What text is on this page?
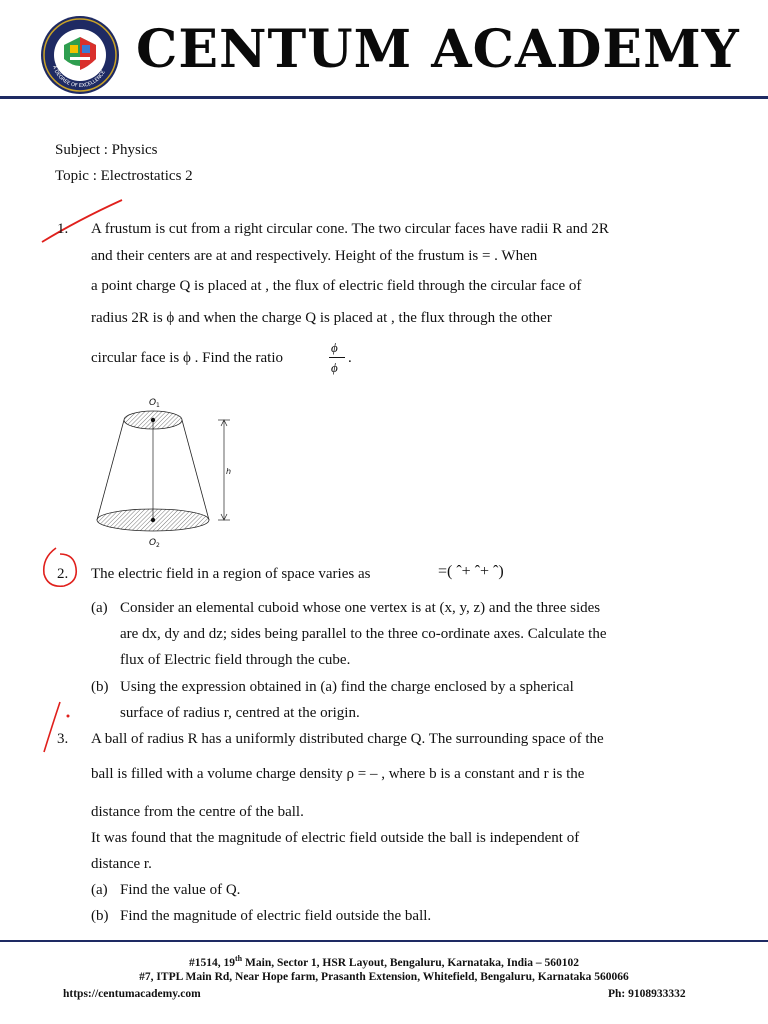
A DEGREE OF EXCELLENCE CENTUM ACADEMY
Subject : Physics
Topic : Electrostatics 2
1. A frustum is cut from a right circular cone. The two circular faces have radii R and 2R
and their centers are at and respectively. Height of the frustum is = . When
a point charge Q is placed at , the flux of electric field through the circular face of
radius 2R is ϕ and when the charge Q is placed at , the flux through the other
circular face is ϕ . Find the ratio
ϕ
ϕ
.
O 1
O 2
h
2. The electric field in a region of space varies as	=( ˆ+ ˆ+ ˆ)
(a) Consider an elemental cuboid whose one vertex is at (x, y, z) and the three sides
are dx, dy and dz; sides being parallel to the three co-ordinate axes. Calculate the
flux of Electric field through the cube.
(b) Using the expression obtained in (a) find the charge enclosed by a spherical
surface of radius r, centred at the origin.
3. A ball of radius R has a uniformly distributed charge Q. The surrounding space of the
ball is filled with a volume charge density ρ = – , where b is a constant and r is the
distance from the centre of the ball.
It was found that the magnitude of electric field outside the ball is independent of
distance r.
(a) Find the value of Q.
(b) Find the magnitude of electric field outside the ball.
#1514, 19th Main, Sector 1, HSR Layout, Bengaluru, Karnataka, India – 560102
#7, ITPL Main Rd, Near Hope farm, Prasanth Extension, Whitefield, Bengaluru, Karnataka 560066
https://centumacademy.com	Ph: 9108933332
